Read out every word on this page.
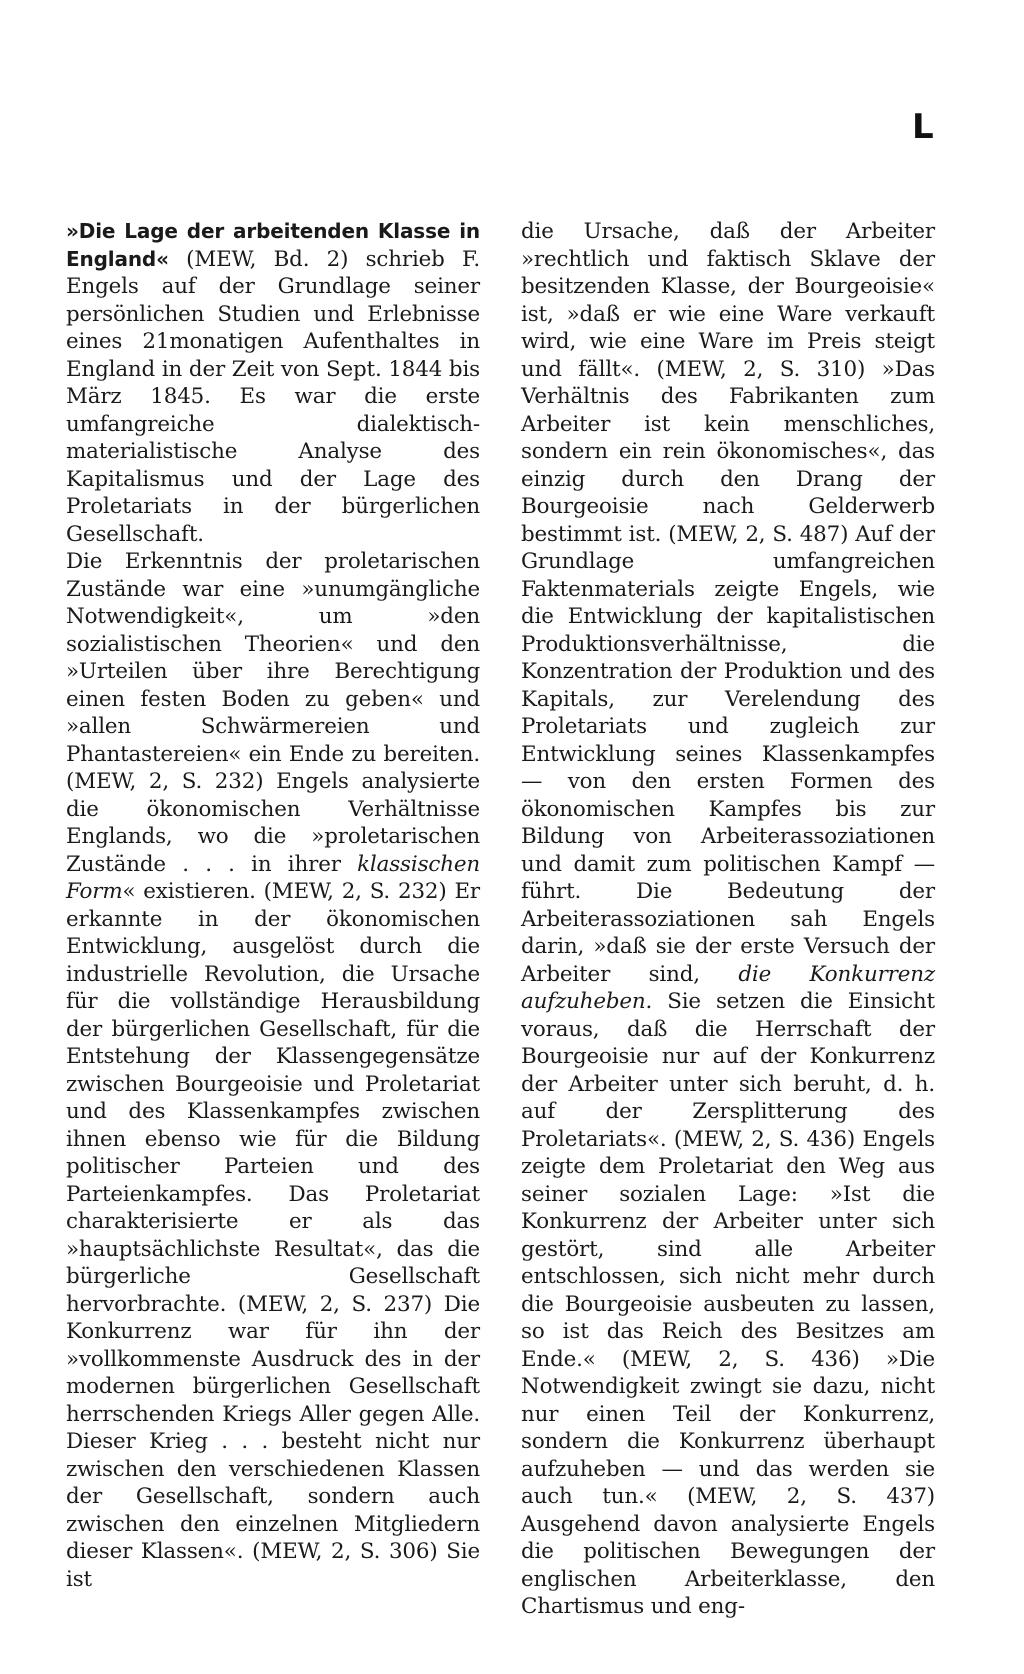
L

»Die Lage der arbeitenden Klasse in England« (MEW, Bd. 2) schrieb F. Engels auf der Grundlage seiner persönlichen Studien und Erlebnisse eines 21monatigen Aufenthaltes in England in der Zeit von Sept. 1844 bis März 1845. Es war die erste umfangreiche dialektisch-materialistische Analyse des Kapitalismus und der Lage des Proletariats in der bürgerlichen Gesellschaft.

Die Erkenntnis der proletarischen Zustände war eine »unumgängliche Notwendigkeit«, um »den sozialistischen Theorien« und den »Urteilen über ihre Berechtigung einen festen Boden zu geben« und »allen Schwärmereien und Phantastereien« ein Ende zu bereiten. (MEW, 2, S. 232) Engels analysierte die ökonomischen Verhältnisse Englands, wo die »proletarischen Zustände . . . in ihrer klassischen Form« existieren. (MEW, 2, S. 232) Er erkannte in der ökonomischen Entwicklung, ausgelöst durch die industrielle Revolution, die Ursache für die vollständige Herausbildung der bürgerlichen Gesellschaft, für die Entstehung der Klassengegensätze zwischen Bourgeoisie und Proletariat und des Klassenkampfes zwischen ihnen ebenso wie für die Bildung politischer Parteien und des Parteienkampfes. Das Proletariat charakterisierte er als das »hauptsächlichste Resultat«, das die bürgerliche Gesellschaft hervorbrachte. (MEW, 2, S. 237) Die Konkurrenz war für ihn der »vollkommenste Ausdruck des in der modernen bürgerlichen Gesellschaft herrschenden Kriegs Aller gegen Alle. Dieser Krieg . . . besteht nicht nur zwischen den verschiedenen Klassen der Gesellschaft, sondern auch zwischen den einzelnen Mitgliedern dieser Klassen«. (MEW, 2, S. 306) Sie ist

die Ursache, daß der Arbeiter »rechtlich und faktisch Sklave der besitzenden Klasse, der Bourgeoisie« ist, »daß er wie eine Ware verkauft wird, wie eine Ware im Preis steigt und fällt«. (MEW, 2, S. 310) »Das Verhältnis des Fabrikanten zum Arbeiter ist kein menschliches, sondern ein rein ökonomisches«, das einzig durch den Drang der Bourgeoisie nach Gelderwerb bestimmt ist. (MEW, 2, S. 487) Auf der Grundlage umfangreichen Faktenmaterials zeigte Engels, wie die Entwicklung der kapitalistischen Produktionsverhältnisse, die Konzentration der Produktion und des Kapitals, zur Verelendung des Proletariats und zugleich zur Entwicklung seines Klassenkampfes — von den ersten Formen des ökonomischen Kampfes bis zur Bildung von Arbeiterassoziationen und damit zum politischen Kampf — führt. Die Bedeutung der Arbeiterassoziationen sah Engels darin, »daß sie der erste Versuch der Arbeiter sind, die Konkurrenz aufzuheben. Sie setzen die Einsicht voraus, daß die Herrschaft der Bourgeoisie nur auf der Konkurrenz der Arbeiter unter sich beruht, d. h. auf der Zersplitterung des Proletariats«. (MEW, 2, S. 436) Engels zeigte dem Proletariat den Weg aus seiner sozialen Lage: »Ist die Konkurrenz der Arbeiter unter sich gestört, sind alle Arbeiter entschlossen, sich nicht mehr durch die Bourgeoisie ausbeuten zu lassen, so ist das Reich des Besitzes am Ende.« (MEW, 2, S. 436) »Die Notwendigkeit zwingt sie dazu, nicht nur einen Teil der Konkurrenz, sondern die Konkurrenz überhaupt aufzuheben — und das werden sie auch tun.« (MEW, 2, S. 437) Ausgehend davon analysierte Engels die politischen Bewegungen der englischen Arbeiterklasse, den Chartismus und eng-
